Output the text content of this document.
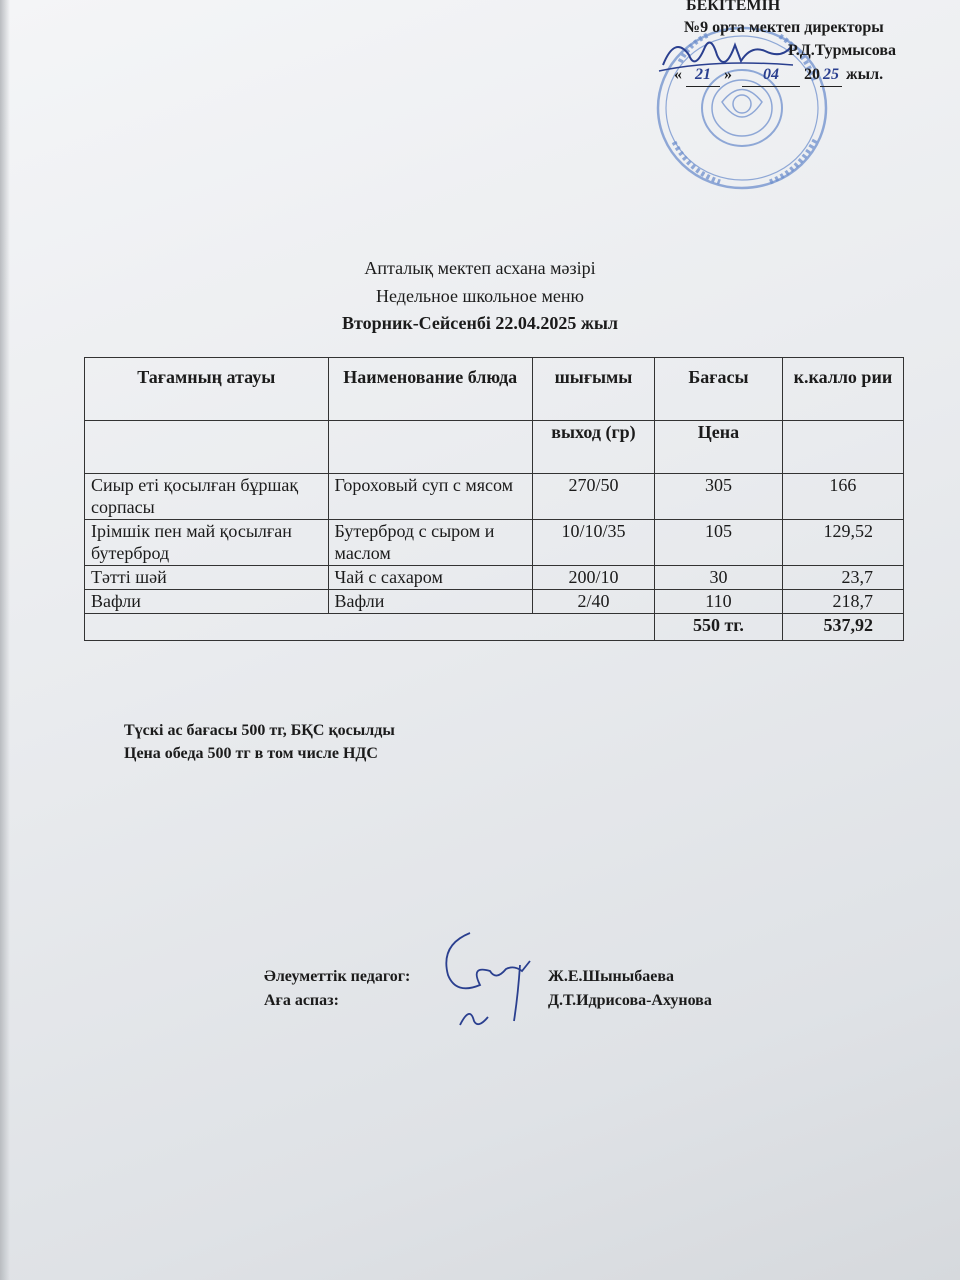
БЕКІТЕМІН
№9 орта мектеп директоры
Р.Д.Турмысова
« 21 » 04 20 25 жыл.
Апталық мектеп асхана мәзірі
Недельное школьное меню
Вторник-Сейсенбі 22.04.2025 жыл
Тағамның атауы	Наименование блюда	шығымы	Бағасы	к.калло рии
		выход (гр)	Цена	
Сиыр еті қосылған бұршақ сорпасы	Гороховый суп с мясом	270/50	305	166
Ірімшік пен май қосылған бутерброд	Бутерброд с сыром и маслом	10/10/35	105	129,52
Тәтті шәй	Чай с сахаром	200/10	30	23,7
Вафли	Вафли	2/40	110	218,7
			550 тг.	537,92
Түскі ас бағасы 500 тг, БҚС қосылды
Цена обеда 500 тг в том числе НДС
Әлеуметтік педагог:
Аға аспаз:
Ж.Е.Шыныбаева
Д.Т.Идрисова-Ахунова
